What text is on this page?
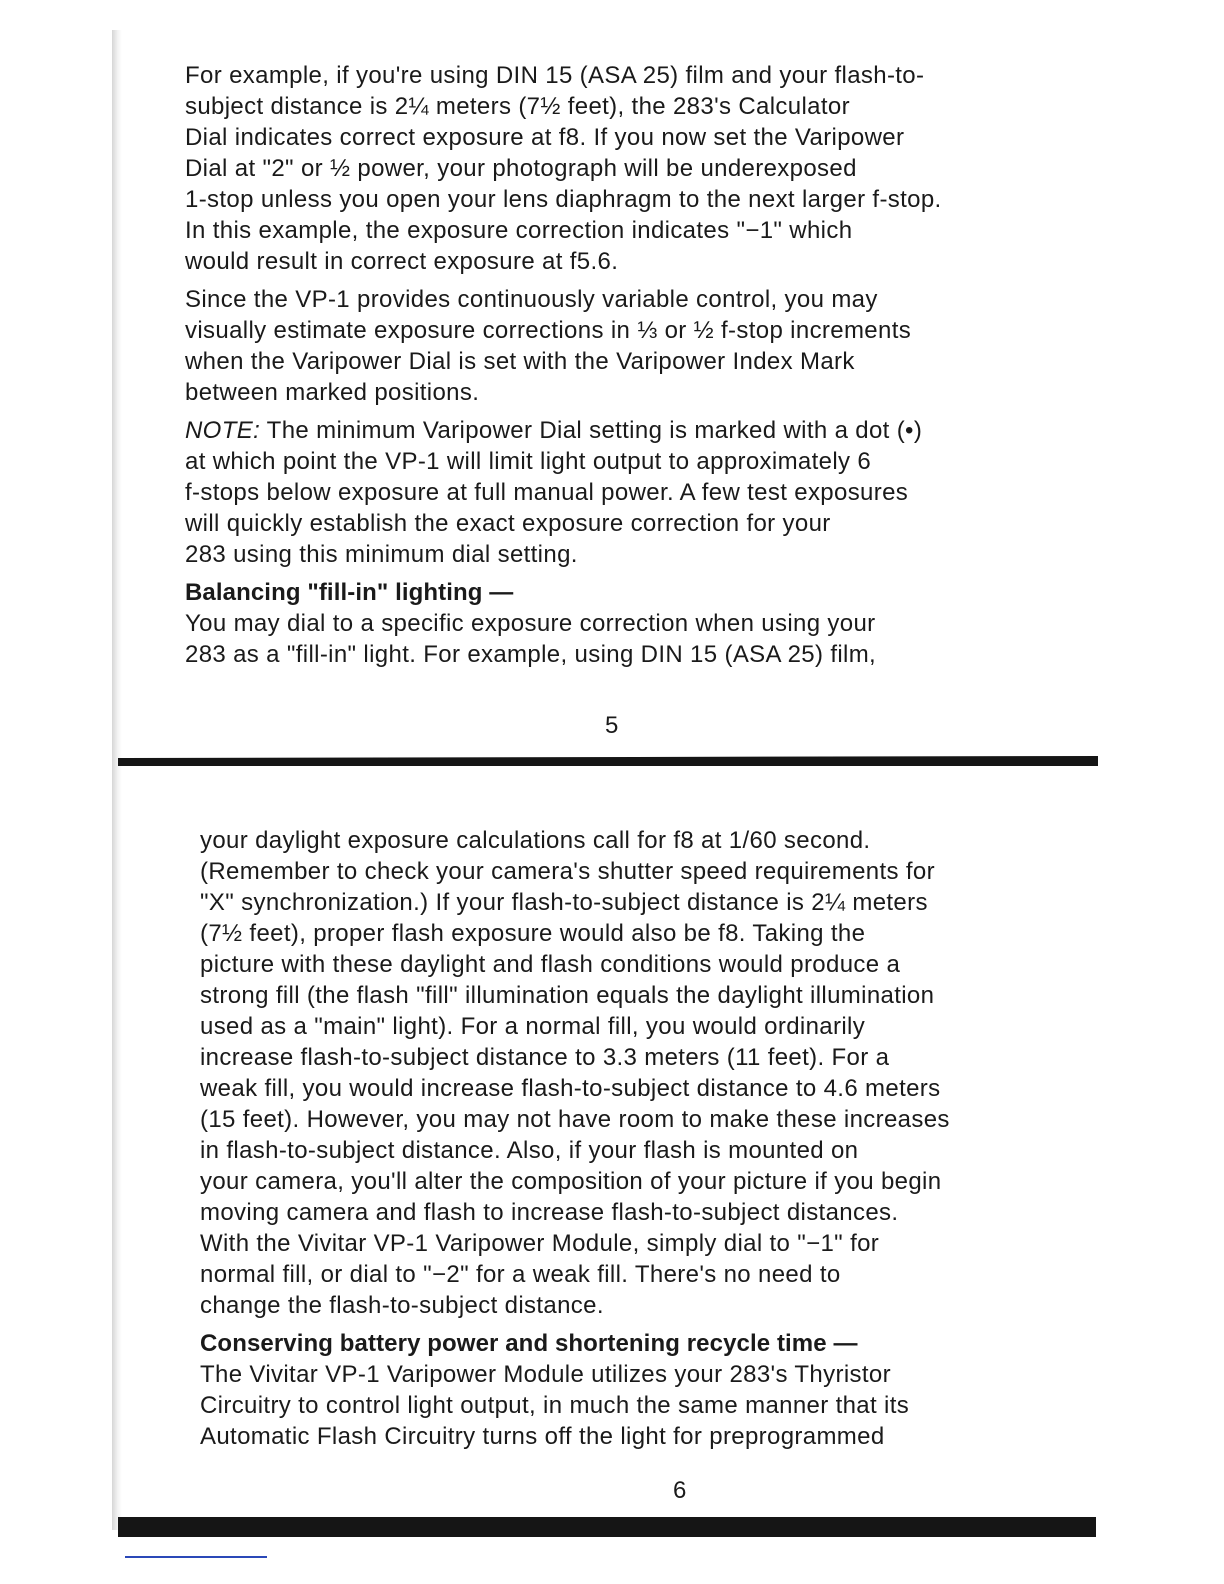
For example, if you're using DIN 15 (ASA 25) film and your flash-to-
subject distance is 2¼ meters (7½ feet), the 283's Calculator
Dial indicates correct exposure at f8. If you now set the Varipower
Dial at "2" or ½ power, your photograph will be underexposed
1-stop unless you open your lens diaphragm to the next larger f-stop.
In this example, the exposure correction indicates "−1" which
would result in correct exposure at f5.6.

Since the VP-1 provides continuously variable control, you may
visually estimate exposure corrections in ⅓ or ½ f-stop increments
when the Varipower Dial is set with the Varipower Index Mark
between marked positions.

NOTE: The minimum Varipower Dial setting is marked with a dot (•)
at which point the VP-1 will limit light output to approximately 6
f-stops below exposure at full manual power. A few test exposures
will quickly establish the exact exposure correction for your
283 using this minimum dial setting.

Balancing "fill-in" lighting —

You may dial to a specific exposure correction when using your
283 as a "fill-in" light. For example, using DIN 15 (ASA 25) film,

5

your daylight exposure calculations call for f8 at 1/60 second.
(Remember to check your camera's shutter speed requirements for
"X" synchronization.) If your flash-to-subject distance is 2¼ meters
(7½ feet), proper flash exposure would also be f8. Taking the
picture with these daylight and flash conditions would produce a
strong fill (the flash "fill" illumination equals the daylight illumination
used as a "main" light). For a normal fill, you would ordinarily
increase flash-to-subject distance to 3.3 meters (11 feet). For a
weak fill, you would increase flash-to-subject distance to 4.6 meters
(15 feet). However, you may not have room to make these increases
in flash-to-subject distance. Also, if your flash is mounted on
your camera, you'll alter the composition of your picture if you begin
moving camera and flash to increase flash-to-subject distances.
With the Vivitar VP-1 Varipower Module, simply dial to "−1" for
normal fill, or dial to "−2" for a weak fill. There's no need to
change the flash-to-subject distance.

Conserving battery power and shortening recycle time —

The Vivitar VP-1 Varipower Module utilizes your 283's Thyristor
Circuitry to control light output, in much the same manner that its
Automatic Flash Circuitry turns off the light for preprogrammed

6
